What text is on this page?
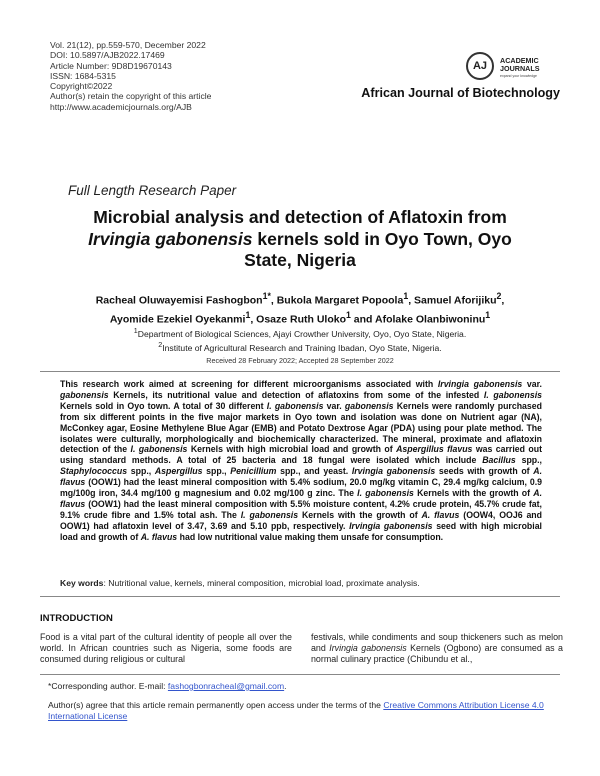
Vol. 21(12), pp.559-570, December 2022
DOI: 10.5897/AJB2022.17469
Article Number: 9D8D19670143
ISSN: 1684-5315
Copyright©2022
Author(s) retain the copyright of this article
http://www.academicjournals.org/AJB
AJ	ACADEMIC
JOURNALS
expand your knowledge
African Journal of Biotechnology
Full Length Research Paper
Microbial analysis and detection of Aflatoxin from
Irvingia gabonensis kernels sold in Oyo Town, Oyo
State, Nigeria
Racheal Oluwayemisi Fashogbon$^{1*}$, Bukola Margaret Popoola$^1$, Samuel Aforijiku$^2$,
Ayomide Ezekiel Oyekanmi$^1$, Osaze Ruth Uloko$^1$ and Afolake Olanbiwoninu$^1$
$^1$Department of Biological Sciences, Ajayi Crowther University, Oyo, Oyo State, Nigeria.
$^2$Institute of Agricultural Research and Training Ibadan, Oyo State, Nigeria.
Received 28 February 2022; Accepted 28 September 2022
This research work aimed at screening for different microorganisms associated with Irvingia gabonensis var. gabonensis Kernels, its nutritional value and detection of aflatoxins from some of the infested I. gabonensis Kernels sold in Oyo town. A total of 30 different I. gabonensis var. gabonensis Kernels were randomly purchased from six different points in the five major markets in Oyo town and isolation was done on Nutrient agar (NA), McConkey agar, Eosine Methylene Blue Agar (EMB) and Potato Dextrose Agar (PDA) using pour plate method. The isolates were culturally, morphologically and biochemically characterized. The mineral, proximate and aflatoxin detection of the I. gabonensis Kernels with high microbial load and growth of Aspergillus flavus was carried out using standard methods. A total of 25 bacteria and 18 fungal were isolated which include Bacillus spp., Staphylococcus spp., Aspergillus spp., Penicillium spp., and yeast. Irvingia gabonensis seeds with growth of A. flavus (OOW1) had the least mineral composition with 5.4% sodium, 20.0 mg/kg vitamin C, 29.4 mg/kg calcium, 0.9 mg/100g iron, 34.4 mg/100 g magnesium and 0.02 mg/100 g zinc. The I. gabonensis Kernels with the growth of A. flavus (OOW1) had the least mineral composition with 5.5% moisture content, 4.2% crude protein, 45.7% crude fat, 9.1% crude fibre and 1.5% total ash. The I. gabonensis Kernels with the growth of A. flavus (OOW4, OOJ6 and OOW1) had aflatoxin level of 3.47, 3.69 and 5.10 ppb, respectively. Irvingia gabonensis seed with high microbial load and growth of A. flavus had low nutritional value making them unsafe for consumption.
Key words: Nutritional value, kernels, mineral composition, microbial load, proximate analysis.
INTRODUCTION
Food is a vital part of the cultural identity of people all over the world. In African countries such as Nigeria, some foods are consumed during religious or cultural
festivals, while condiments and soup thickeners such as melon and Irvingia gabonensis Kernels (Ogbono) are consumed as a normal culinary practice (Chibundu et al.,
*Corresponding author. E-mail: fashogbonracheal@gmail.com.
Author(s) agree that this article remain permanently open access under the terms of the Creative Commons Attribution License 4.0 International License
